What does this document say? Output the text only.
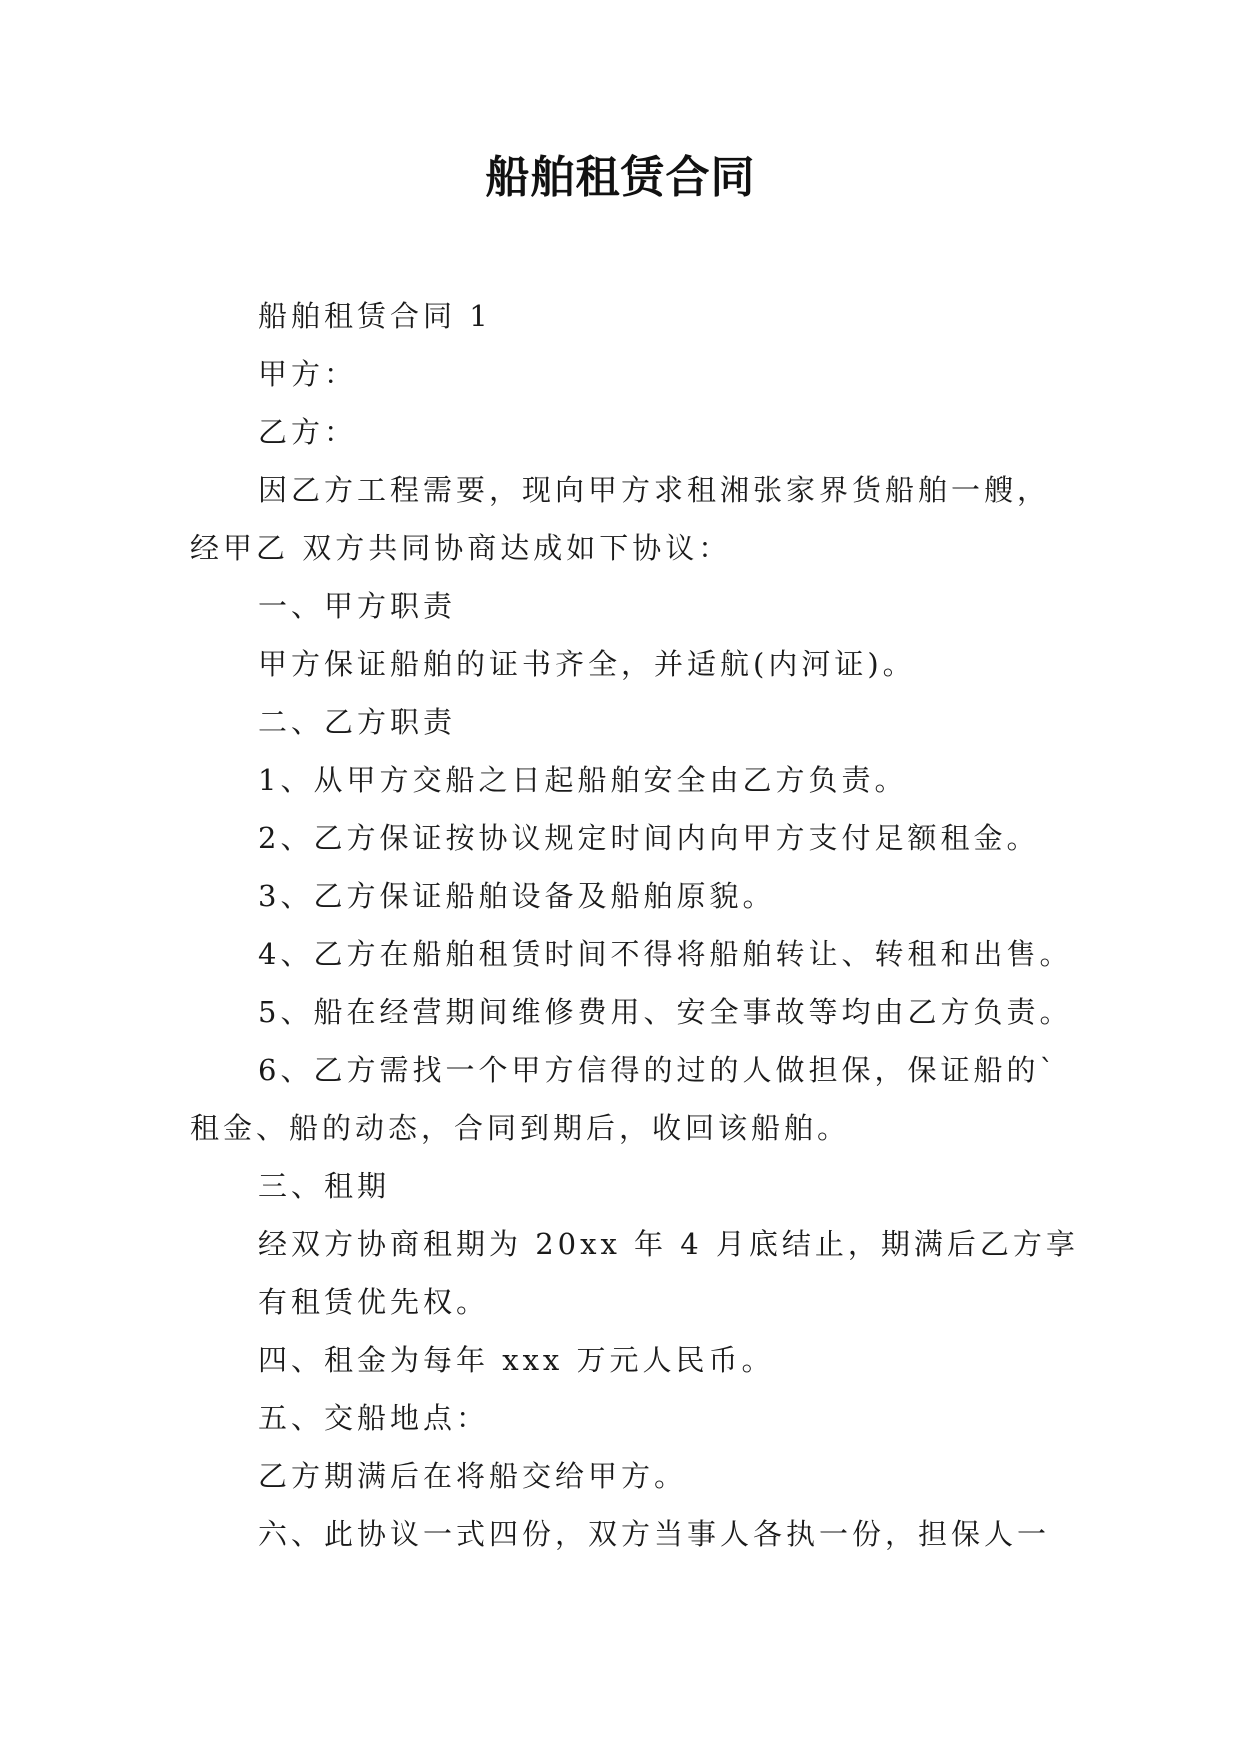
船舶租赁合同
船舶租赁合同 1
甲方：
乙方：
因乙方工程需要，现向甲方求租湘张家界货船舶一艘，
经甲乙 双方共同协商达成如下协议：
一、甲方职责
甲方保证船舶的证书齐全，并适航(内河证)。
二、乙方职责
1、从甲方交船之日起船舶安全由乙方负责。
2、乙方保证按协议规定时间内向甲方支付足额租金。
3、乙方保证船舶设备及船舶原貌。
4、乙方在船舶租赁时间不得将船舶转让、转租和出售。
5、船在经营期间维修费用、安全事故等均由乙方负责。
6、乙方需找一个甲方信得的过的人做担保，保证船的`
租金、船的动态，合同到期后，收回该船舶。
三、租期
经双方协商租期为 20xx 年 4 月底结止，期满后乙方享
有租赁优先权。
四、租金为每年 xxx 万元人民币。
五、交船地点：
乙方期满后在将船交给甲方。
六、此协议一式四份，双方当事人各执一份，担保人一
